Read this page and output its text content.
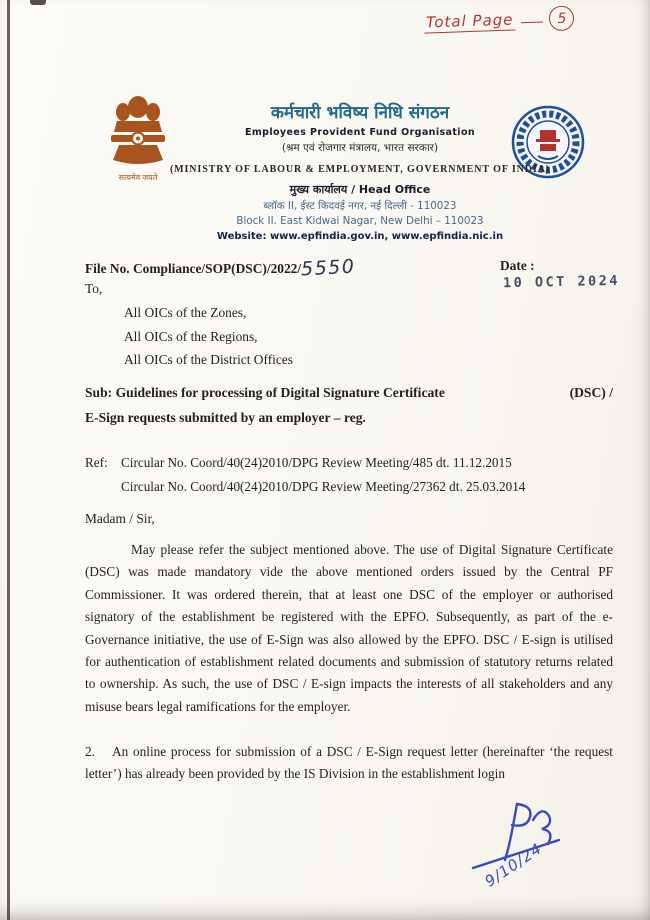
Total Page	5
सत्यमेव जयते
कर्मचारी भविष्य निधि संगठन
Employees Provident Fund Organisation
(श्रम एवं रोजगार मंत्रालय, भारत सरकार)
(MINISTRY OF LABOUR & EMPLOYMENT, GOVERNMENT OF INDIA)
मुख्य कार्यालय / Head Office
ब्लॉक II, ईस्ट किदवई नगर, नई दिल्ली - 110023
Block II. East Kidwai Nagar, New Delhi – 110023
Website: www.epfindia.gov.in, www.epfindia.nic.in
File No. Compliance/SOP(DSC)/2022/5550	Date :
10 OCT 2024
To,
All OICs of the Zones,
All OICs of the Regions,
All OICs of the District Offices
Sub: Guidelines for processing of Digital Signature Certificate	(DSC) /
E-Sign requests submitted by an employer – reg.
Ref:	Circular No. Coord/40(24)2010/DPG Review Meeting/485 dt. 11.12.2015
Circular No. Coord/40(24)2010/DPG Review Meeting/27362 dt. 25.03.2014
Madam / Sir,
May please refer the subject mentioned above. The use of Digital Signature Certificate (DSC) was made mandatory vide the above mentioned orders issued by the Central PF Commissioner. It was ordered therein, that at least one DSC of the employer or authorised signatory of the establishment be registered with the EPFO. Subsequently, as part of the e-Governance initiative, the use of E-Sign was also allowed by the EPFO. DSC / E-sign is utilised for authentication of establishment related documents and submission of statutory returns related to ownership. As such, the use of DSC / E-sign impacts the interests of all stakeholders and any misuse bears legal ramifications for the employer.
2. An online process for submission of a DSC / E-Sign request letter (hereinafter ‘the request letter’) has already been provided by the IS Division in the establishment login
9/10/24
